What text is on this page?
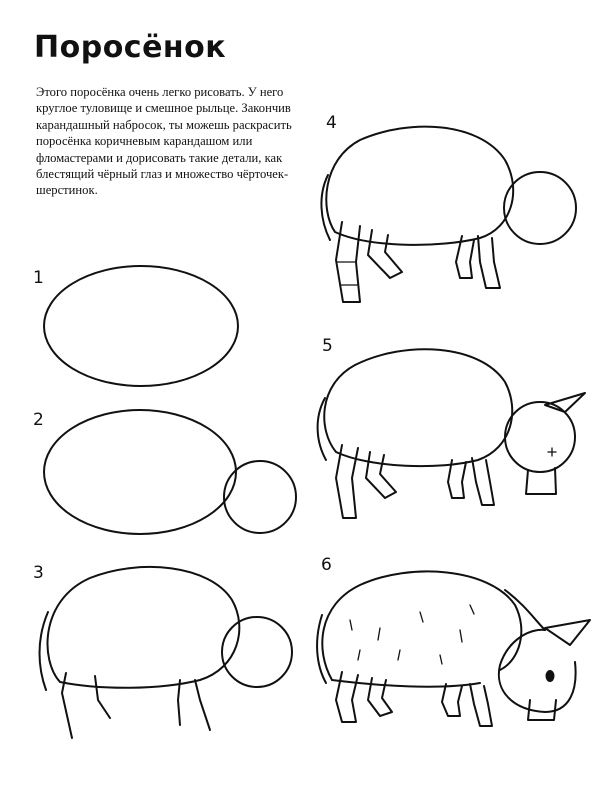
Поросёнок

Этого поросёнка очень легко рисовать. У него круглое туловище и смешное рыльце. Закончив карандашный набросок, ты можешь раскрасить поросёнка коричневым карандашом или фломастерами и дорисовать такие детали, как блестящий чёрный глаз и множество чёрточек-шерстинок.

1
2
3
4
5
6
